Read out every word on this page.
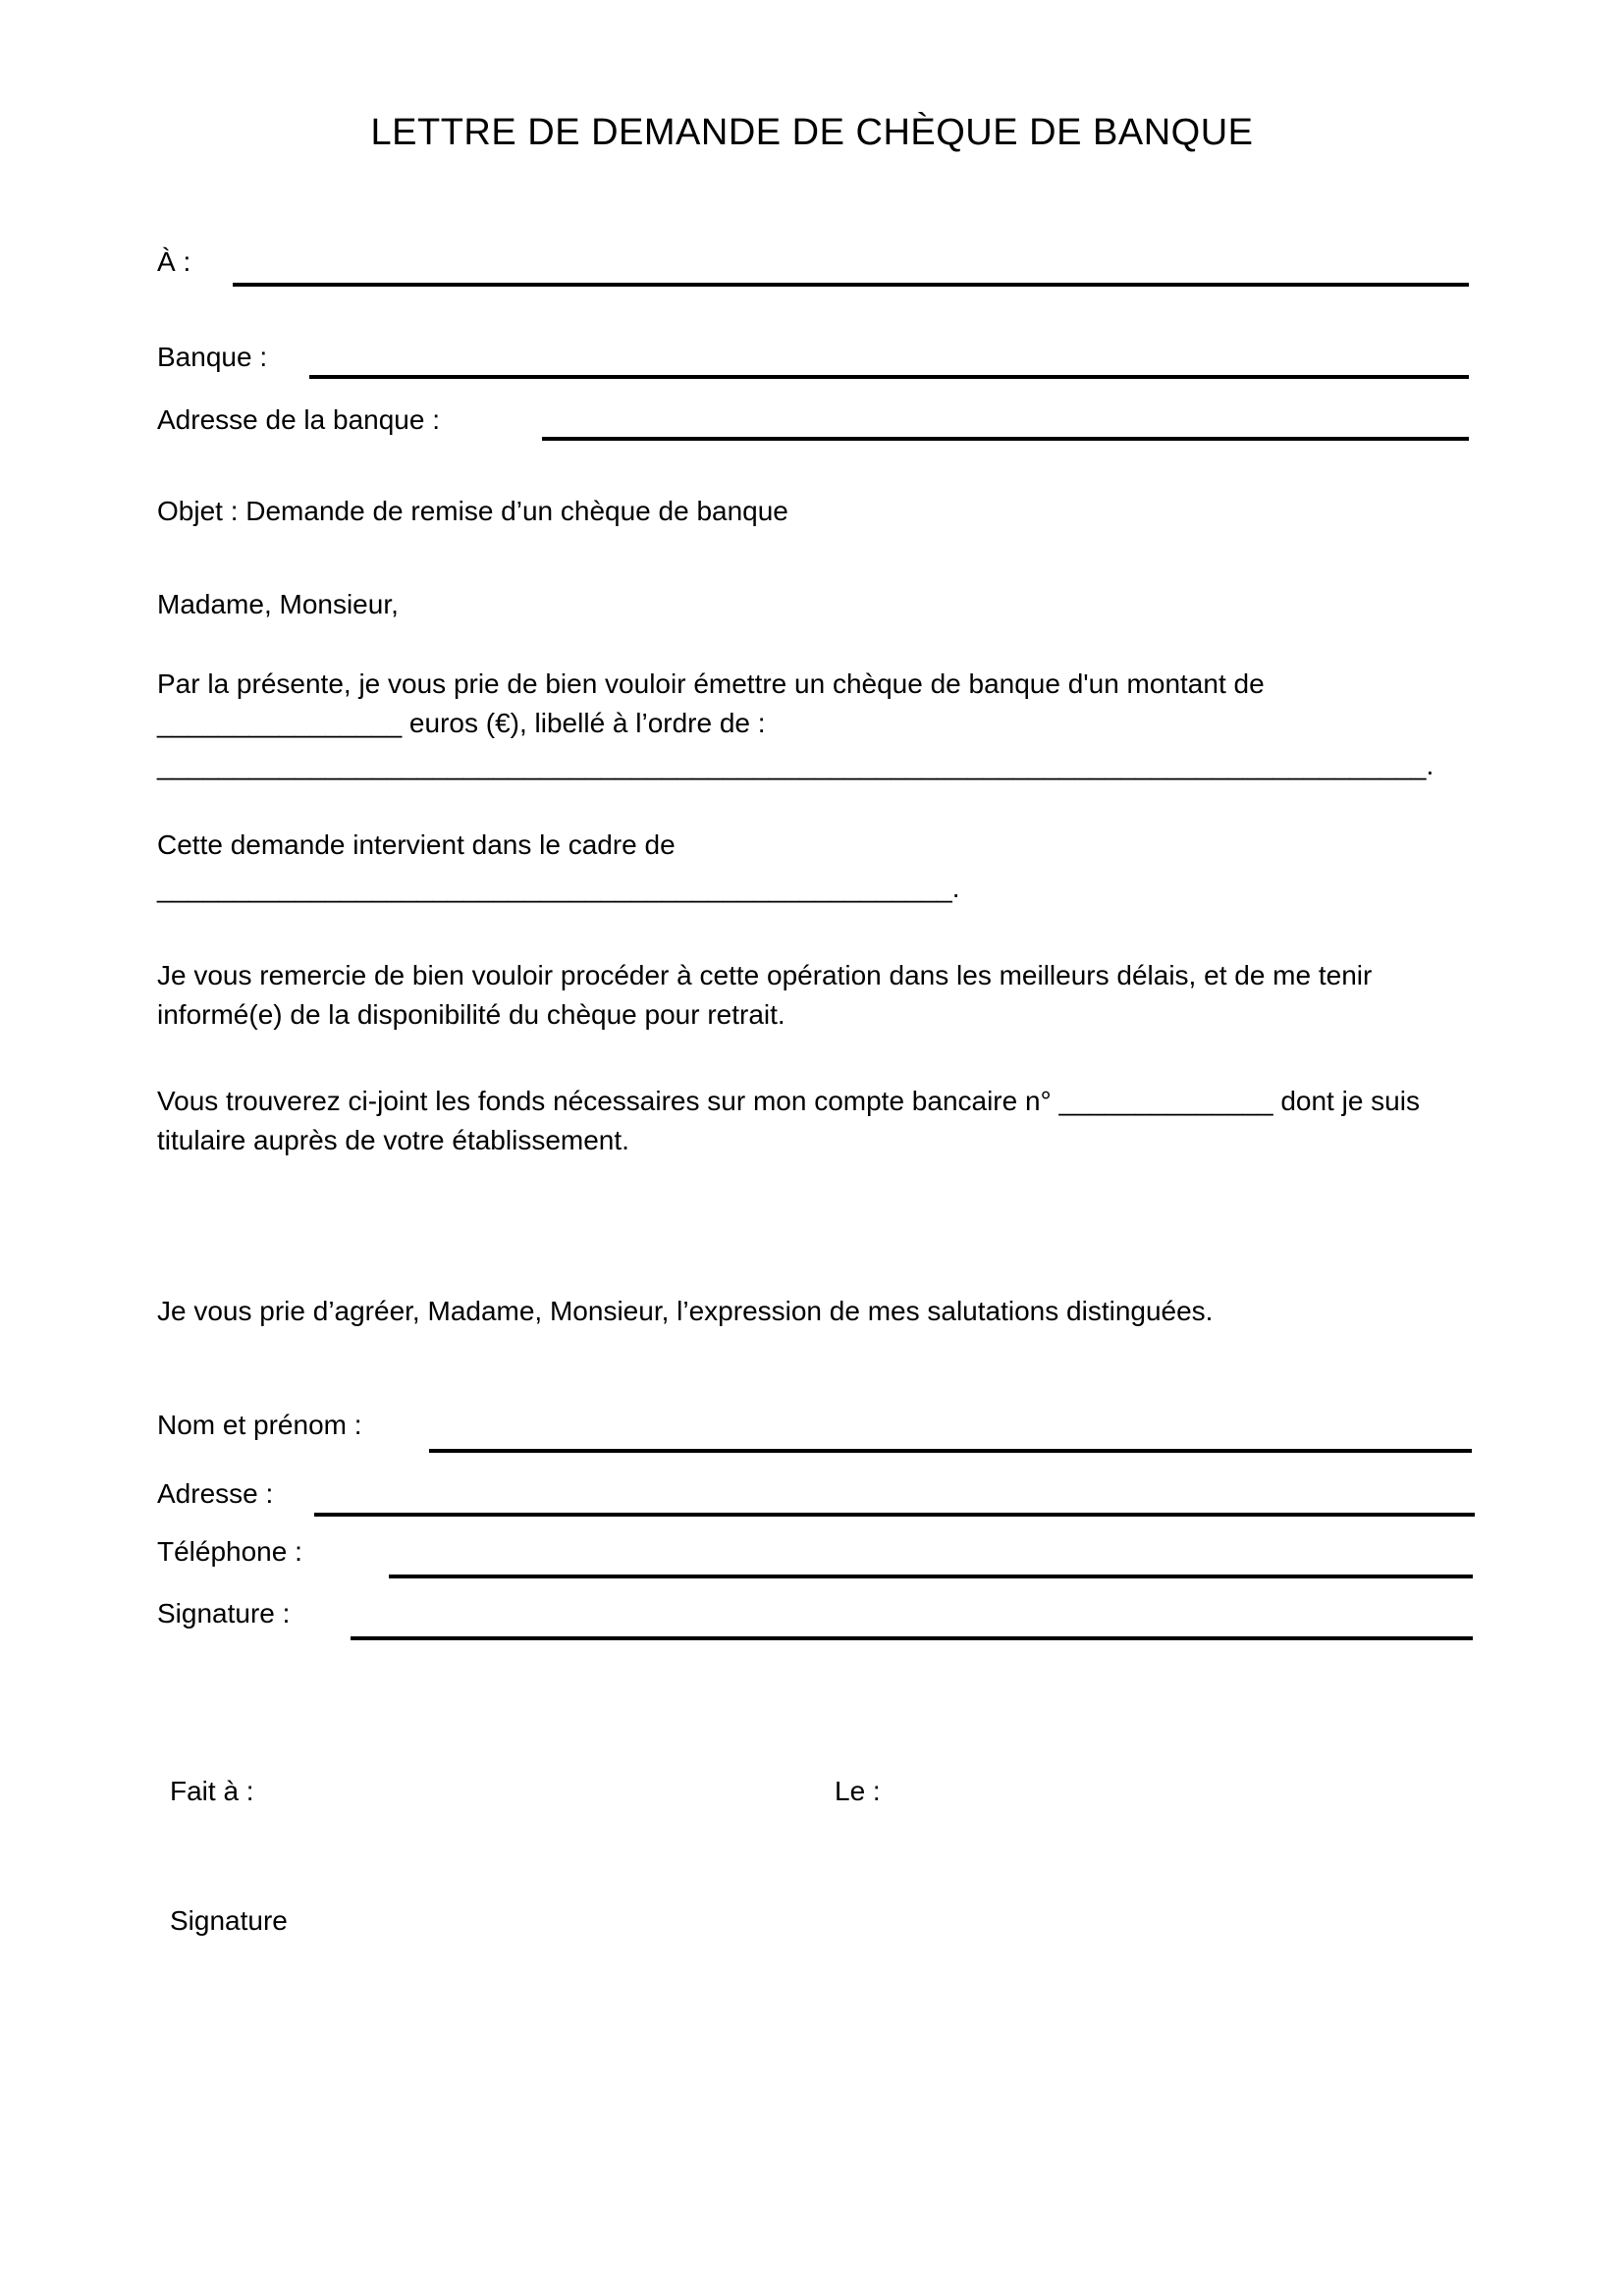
LETTRE DE DEMANDE DE CHÈQUE DE BANQUE
À :
Banque :
Adresse de la banque :
Objet : Demande de remise d’un chèque de banque
Madame, Monsieur,
Par la présente, je vous prie de bien vouloir émettre un chèque de banque d'un montant de
________________ euros (€), libellé à l’ordre de :
___________________________________________________________________________________.
Cette demande intervient dans le cadre de
____________________________________________________.
Je vous remercie de bien vouloir procéder à cette opération dans les meilleurs délais, et de me tenir
informé(e) de la disponibilité du chèque pour retrait.
Vous trouverez ci-joint les fonds nécessaires sur mon compte bancaire n° ______________ dont je suis
titulaire auprès de votre établissement.
Je vous prie d’agréer, Madame, Monsieur, l’expression de mes salutations distinguées.
Nom et prénom :
Adresse :
Téléphone :
Signature :
Fait à :	Le :
Signature
